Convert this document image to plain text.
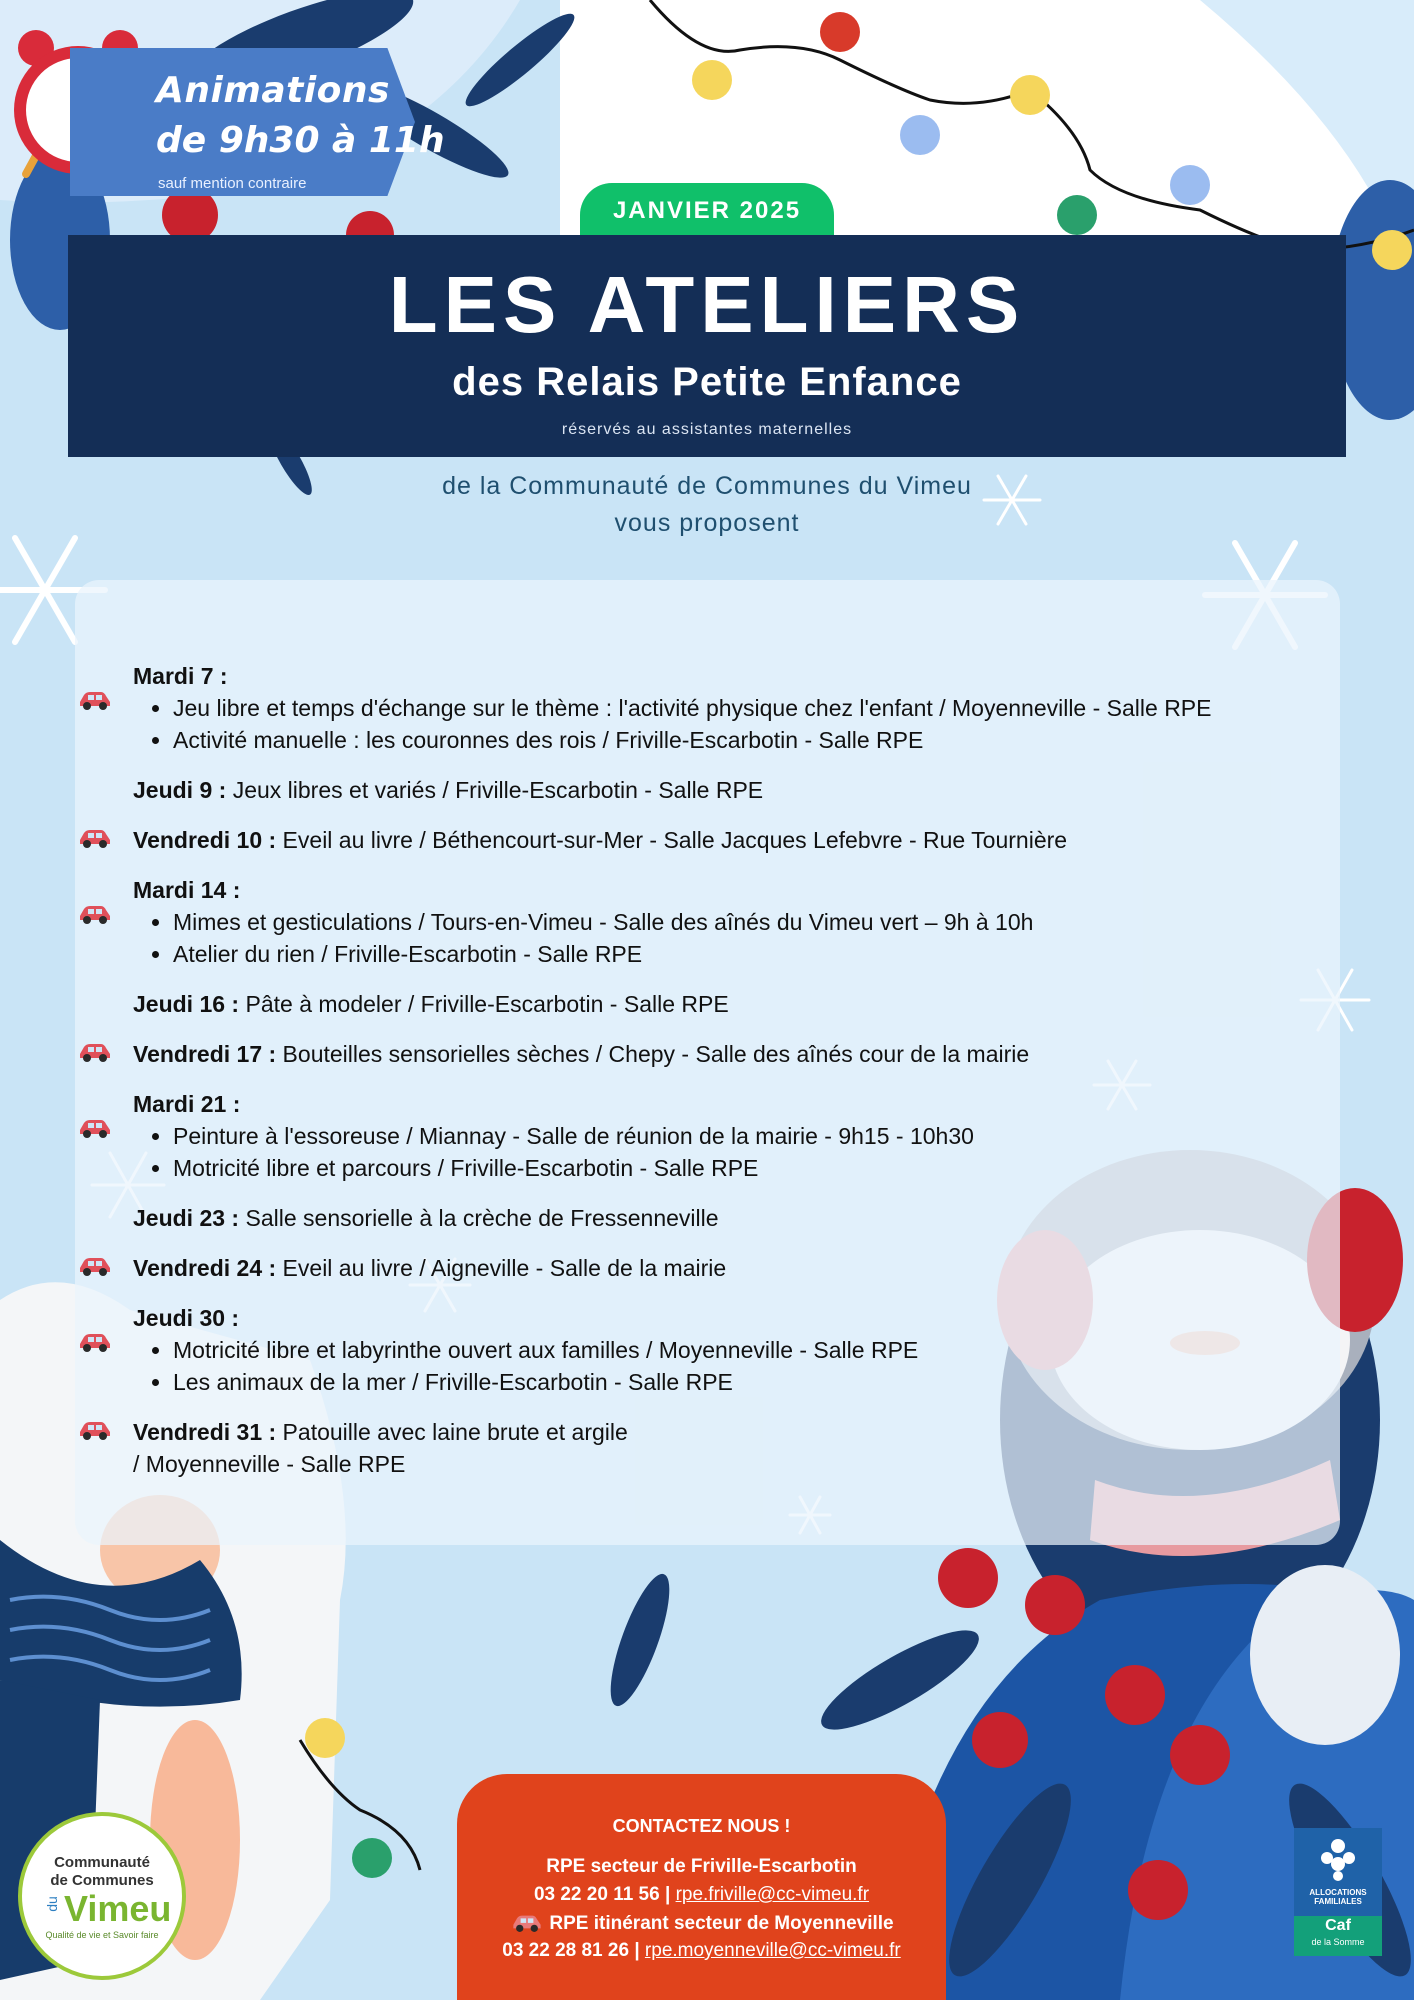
Animations
de 9h30 à 11h
sauf mention contraire
JANVIER 2025
LES ATELIERS
des Relais Petite Enfance
réservés au assistantes maternelles
de la Communauté de Communes du Vimeu
vous proposent
Mardi 7 :
• Jeu libre et temps d'échange sur le thème : l'activité physique chez l'enfant / Moyenneville - Salle RPE
• Activité manuelle : les couronnes des rois / Friville-Escarbotin - Salle RPE
Jeudi 9 : Jeux libres et variés / Friville-Escarbotin - Salle RPE
Vendredi 10 : Eveil au livre / Béthencourt-sur-Mer - Salle Jacques Lefebvre - Rue Tournière
Mardi 14 :
• Mimes et gesticulations / Tours-en-Vimeu - Salle des aînés du Vimeu vert – 9h à 10h
• Atelier du rien / Friville-Escarbotin - Salle RPE
Jeudi 16 : Pâte à modeler / Friville-Escarbotin - Salle RPE
Vendredi 17 : Bouteilles sensorielles sèches / Chepy - Salle des aînés cour de la mairie
Mardi 21 :
• Peinture à l'essoreuse / Miannay - Salle de réunion de la mairie - 9h15 - 10h30
• Motricité libre et parcours / Friville-Escarbotin - Salle RPE
Jeudi 23 : Salle sensorielle à la crèche de Fressenneville
Vendredi 24 : Eveil au livre / Aigneville - Salle de la mairie
Jeudi 30 :
• Motricité libre et labyrinthe ouvert aux familles / Moyenneville - Salle RPE
• Les animaux de la mer / Friville-Escarbotin - Salle RPE
Vendredi 31 : Patouille avec laine brute et argile
/ Moyenneville - Salle RPE
CONTACTEZ NOUS !
RPE secteur de Friville-Escarbotin
03 22 20 11 56 | rpe.friville@cc-vimeu.fr
RPE itinérant secteur de Moyenneville
03 22 28 81 26 | rpe.moyenneville@cc-vimeu.fr
Communauté
de Communes
du Vimeu
Qualité de vie et Savoir faire
ALLOCATIONS FAMILIALES
Caf
de la Somme
